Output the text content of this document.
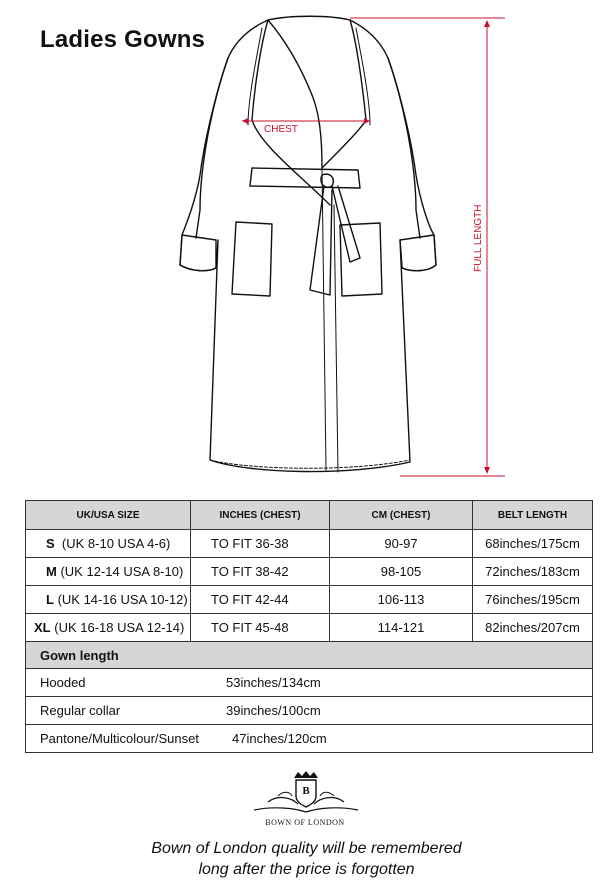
Ladies Gowns
CHEST
FULL LENGTH
UK/USA SIZE	INCHES (CHEST)	CM (CHEST)	BELT LENGTH
S (UK 8-10 USA 4-6)	TO FIT 36-38	90-97	68inches/175cm
M (UK 12-14 USA 8-10)	TO FIT 38-42	98-105	72inches/183cm
L (UK 14-16 USA 10-12)	TO FIT 42-44	106-113	76inches/195cm
XL (UK 16-18 USA 12-14)	TO FIT 45-48	114-121	82inches/207cm
Gown length
Hooded	53inches/134cm
Regular collar	39inches/100cm
Pantone/Multicolour/Sunset	47inches/120cm
B
BOWN OF LONDON
Bown of London quality will be remembered
long after the price is forgotten
